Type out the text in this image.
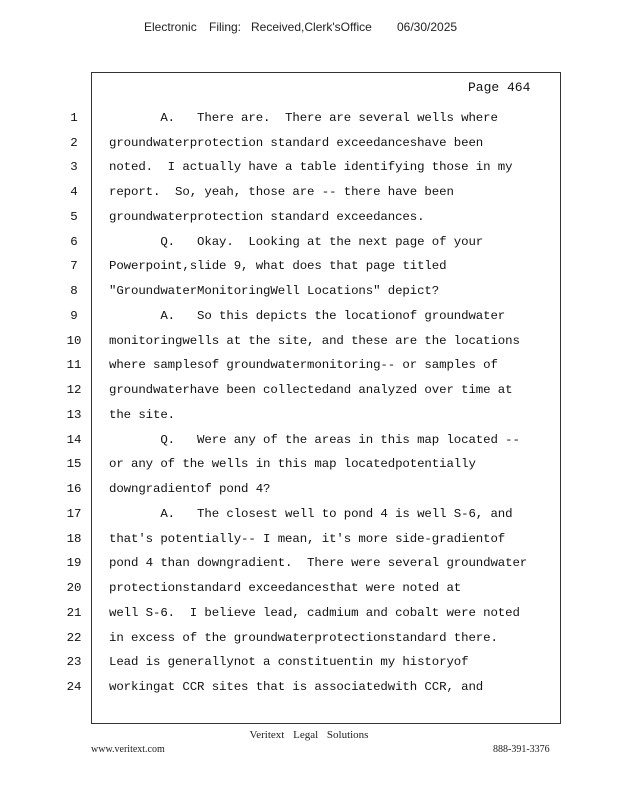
Electronic Filing: Received,Clerk'sOffice 06/30/2025
Page 464
1	A.   There are.  There are several wells where
2	groundwaterprotection standard exceedanceshave been
3	noted.  I actually have a table identifying those in my
4	report.  So, yeah, those are -- there have been
5	groundwaterprotection standard exceedances.
6	Q.   Okay.  Looking at the next page of your
7	Powerpoint,slide 9, what does that page titled
8	"GroundwaterMonitoringWell Locations" depict?
9	A.   So this depicts the locationof groundwater
10 monitoringwells at the site, and these are the locations
11 where samplesof groundwatermonitoring-- or samples of
12 groundwaterhave been collectedand analyzed over time at
13 the site.
14 Q.   Were any of the areas in this map located --
15 or any of the wells in this map locatedpotentially
16 downgradientof pond 4?
17 A.   The closest well to pond 4 is well S-6, and
18 that's potentially-- I mean, it's more side-gradientof
19 pond 4 than downgradient.  There were several groundwater
20 protectionstandard exceedancesthat were noted at
21 well S-6.  I believe lead, cadmium and cobalt were noted
22 in excess of the groundwaterprotectionstandard there.
23 Lead is generallynot a constituentin my historyof
24 workingat CCR sites that is associatedwith CCR, and
Veritext Legal Solutions
www.veritext.com	888-391-3376
